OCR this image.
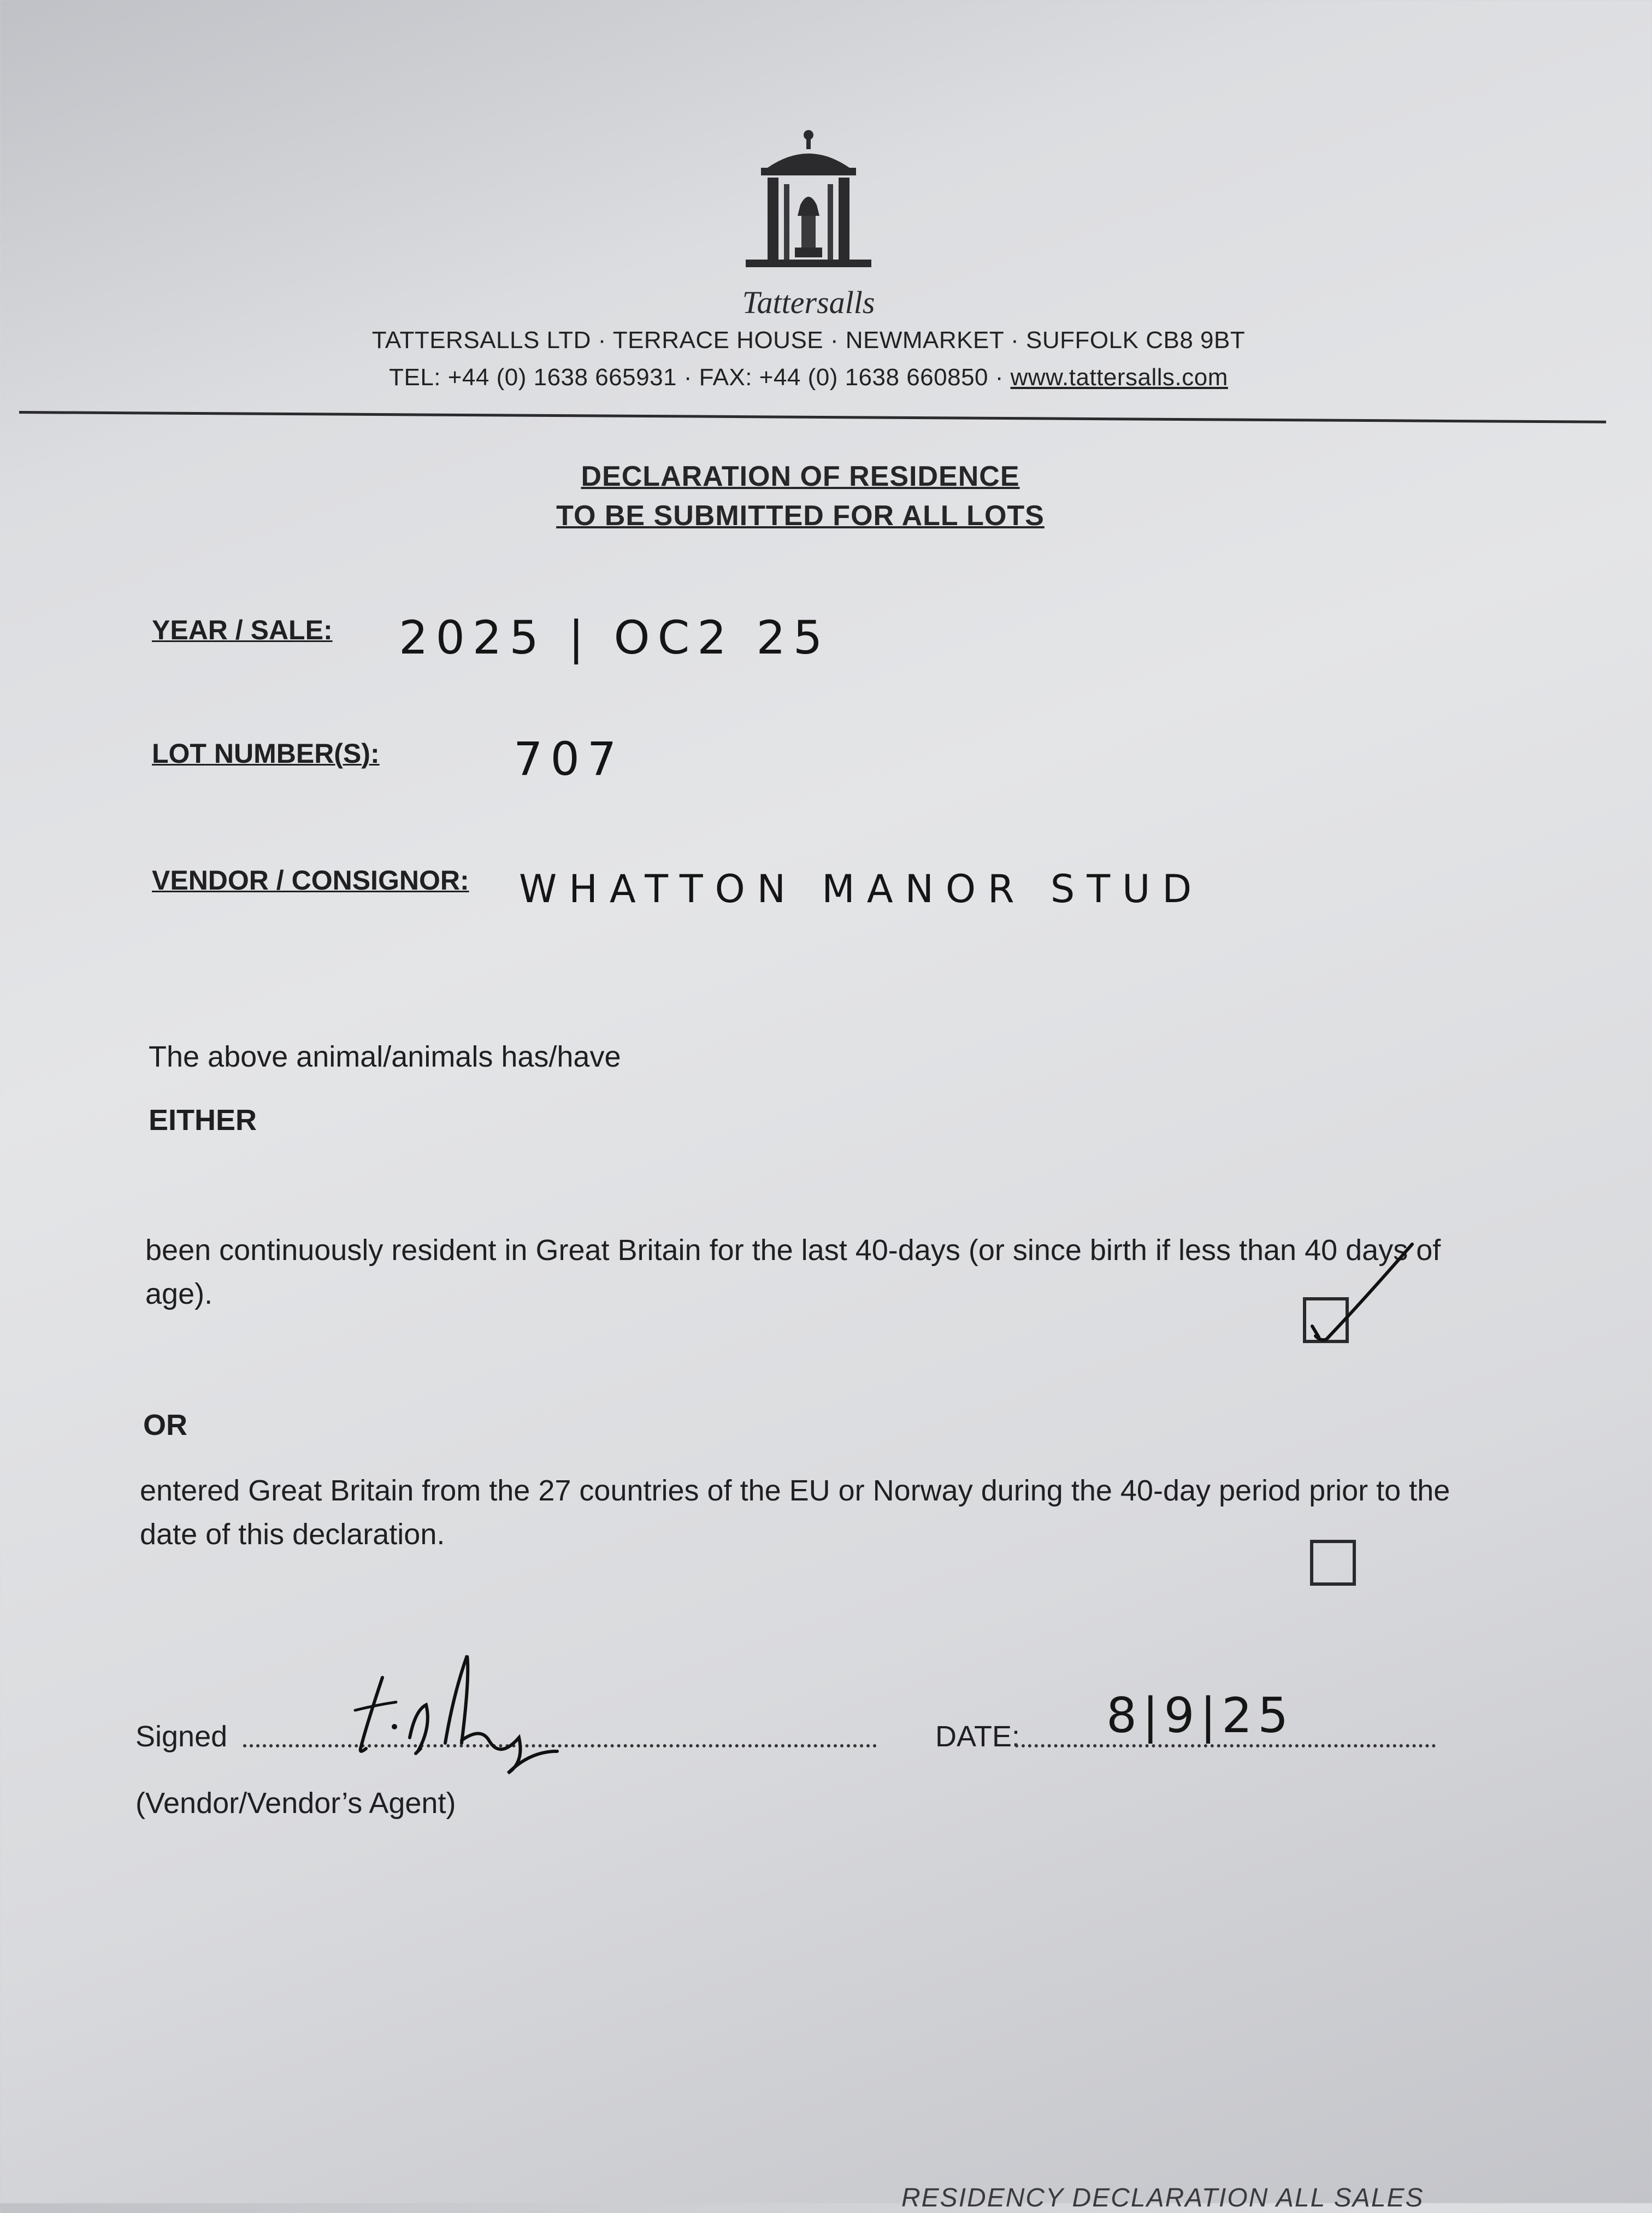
Tattersalls
TATTERSALLS LTD · TERRACE HOUSE · NEWMARKET · SUFFOLK CB8 9BT
TEL: +44 (0) 1638 665931 · FAX: +44 (0) 1638 660850 · www.tattersalls.com
DECLARATION OF RESIDENCE
TO BE SUBMITTED FOR ALL LOTS
YEAR / SALE: 2025 | OC2 25
LOT NUMBER(S):	707
VENDOR / CONSIGNOR: WHATTON MANOR STUD
The above animal/animals has/have
EITHER
been continuously resident in Great Britain for the last 40-days (or since birth if less than 40 days of age).
OR
entered Great Britain from the 27 countries of the EU or Norway during the 40-day period prior to the date of this declaration.
Signed	DATE: 8|9|25
(Vendor/Vendor’s Agent)
RESIDENCY DECLARATION ALL SALES
